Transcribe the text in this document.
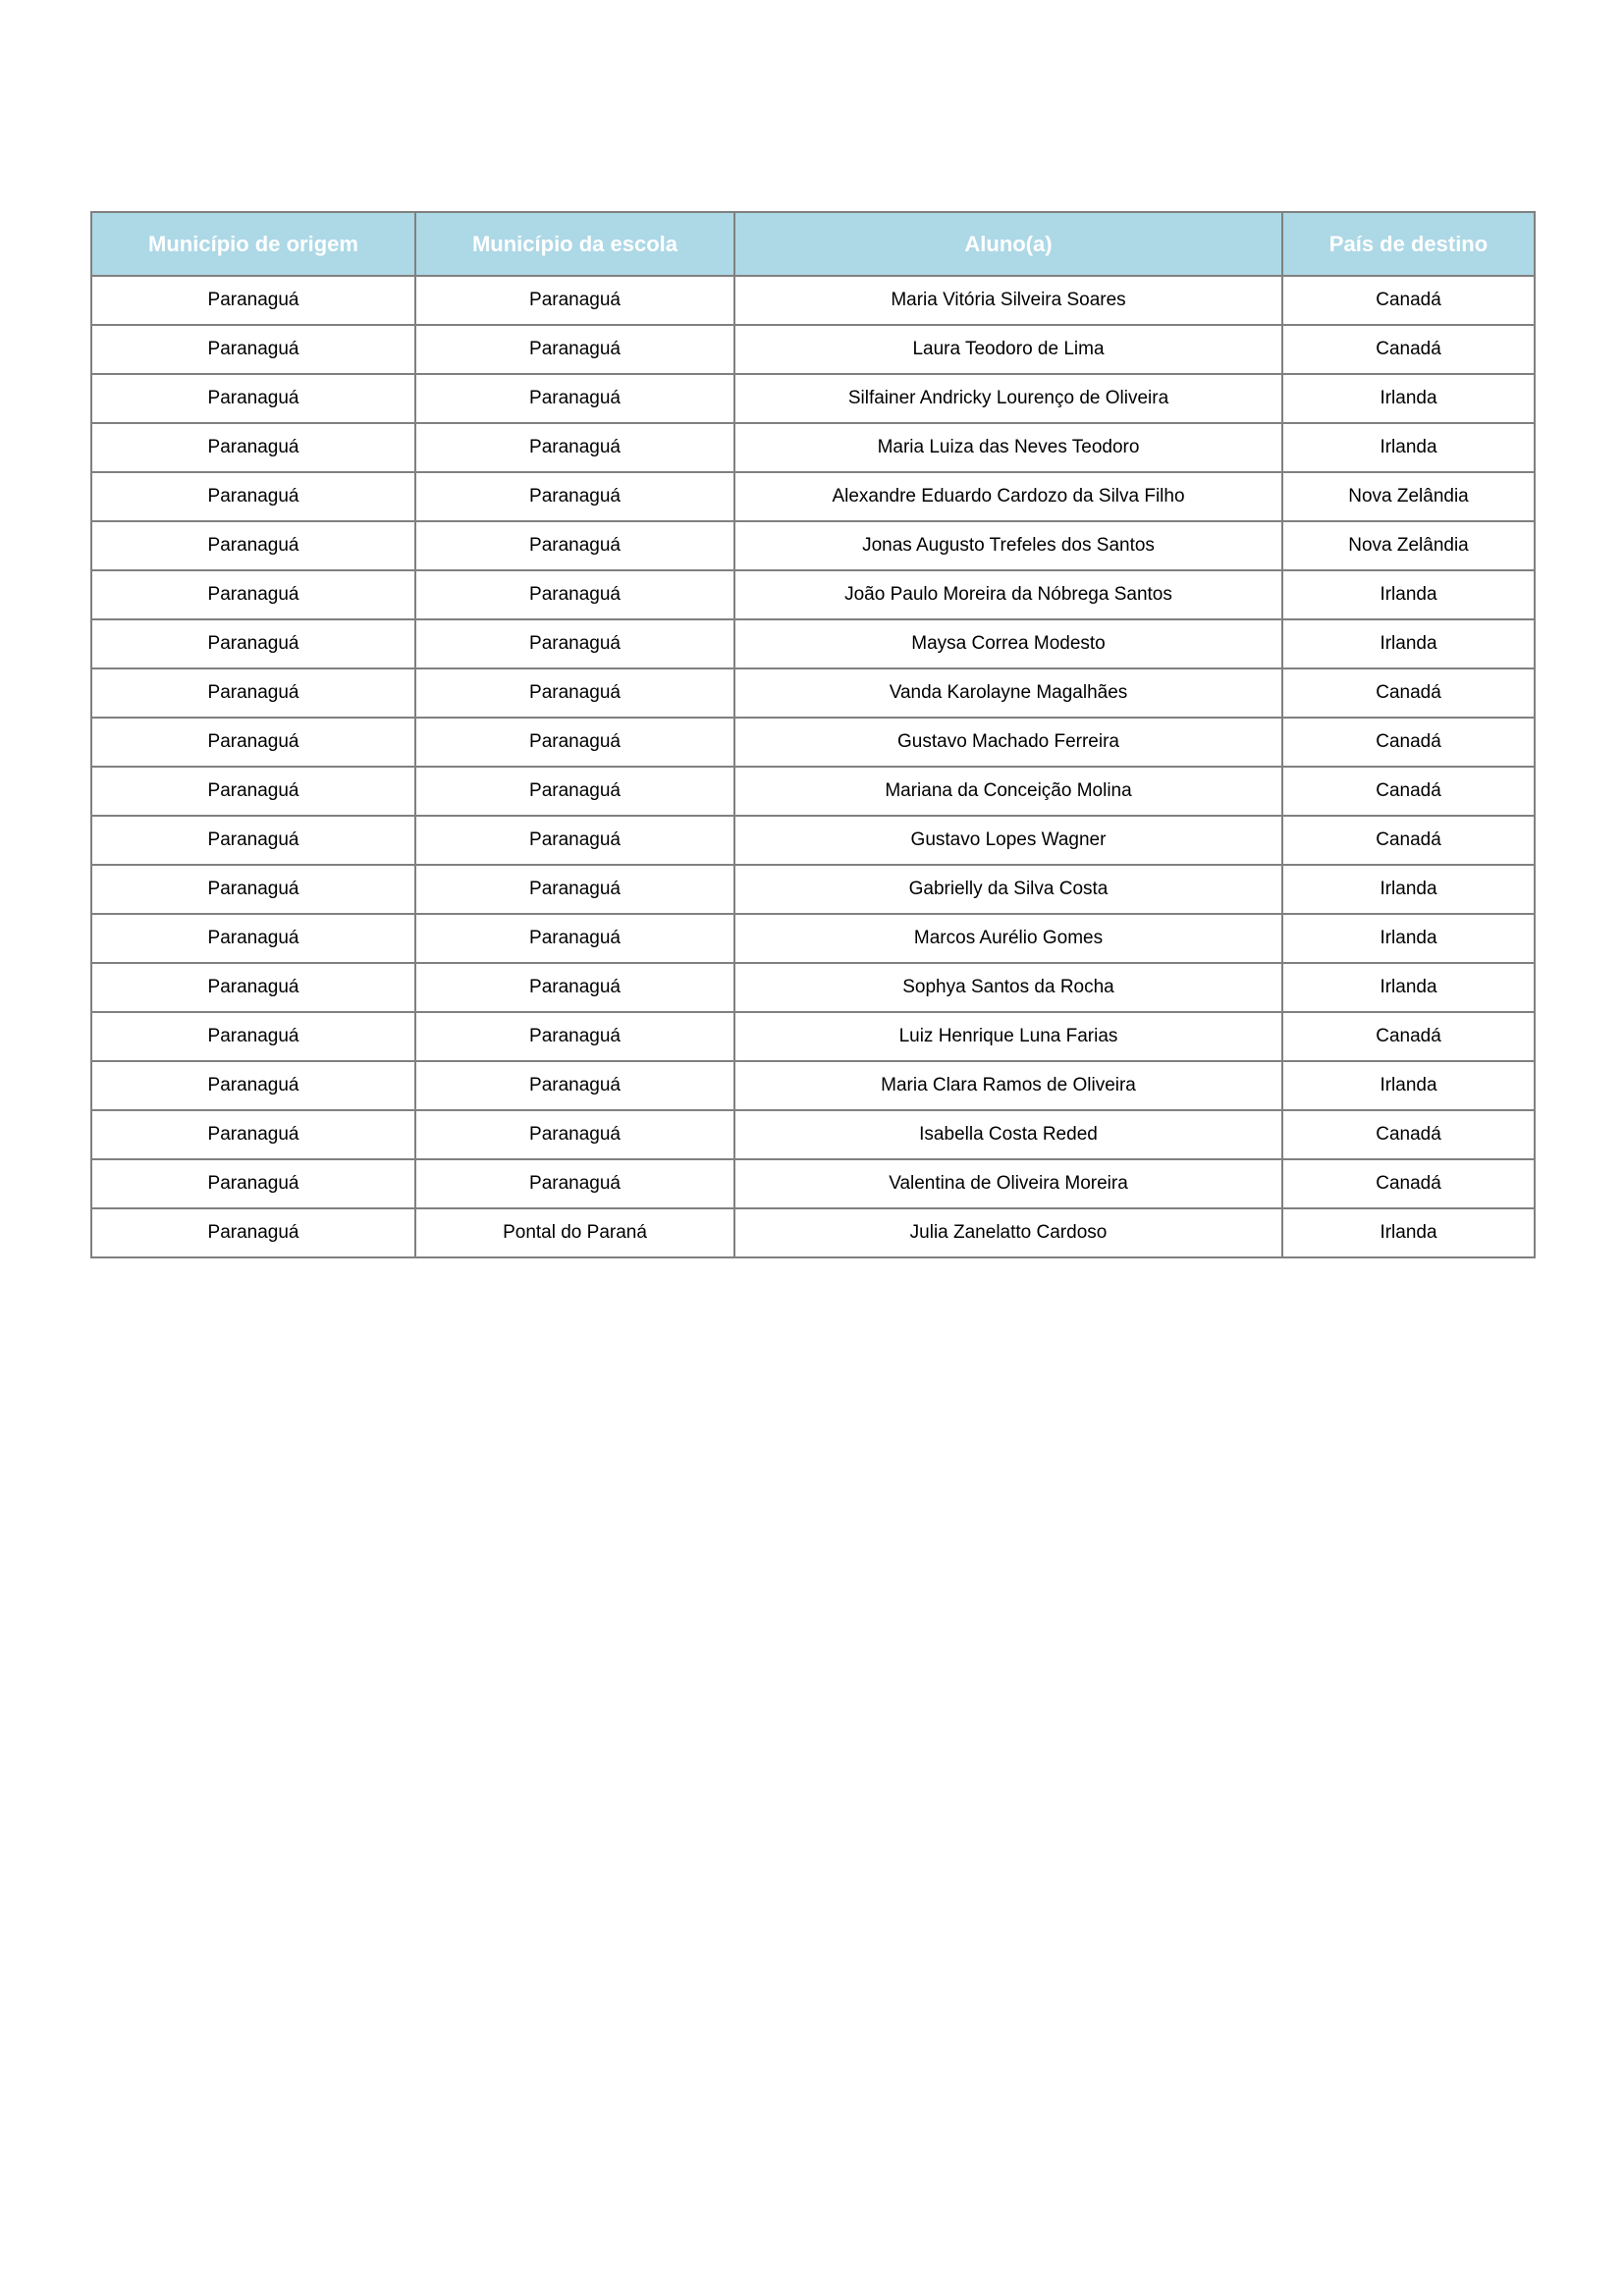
Município de origem	Município da escola	Aluno(a)	País de destino
Paranaguá	Paranaguá	Maria Vitória Silveira Soares	Canadá
Paranaguá	Paranaguá	Laura Teodoro de Lima	Canadá
Paranaguá	Paranaguá	Silfainer Andricky Lourenço de Oliveira	Irlanda
Paranaguá	Paranaguá	Maria Luiza das Neves Teodoro	Irlanda
Paranaguá	Paranaguá	Alexandre Eduardo Cardozo da Silva Filho	Nova Zelândia
Paranaguá	Paranaguá	Jonas Augusto Trefeles dos Santos	Nova Zelândia
Paranaguá	Paranaguá	João Paulo Moreira da Nóbrega Santos	Irlanda
Paranaguá	Paranaguá	Maysa Correa Modesto	Irlanda
Paranaguá	Paranaguá	Vanda Karolayne Magalhães	Canadá
Paranaguá	Paranaguá	Gustavo Machado Ferreira	Canadá
Paranaguá	Paranaguá	Mariana da Conceição Molina	Canadá
Paranaguá	Paranaguá	Gustavo Lopes Wagner	Canadá
Paranaguá	Paranaguá	Gabrielly da Silva Costa	Irlanda
Paranaguá	Paranaguá	Marcos Aurélio Gomes	Irlanda
Paranaguá	Paranaguá	Sophya Santos da Rocha	Irlanda
Paranaguá	Paranaguá	Luiz Henrique Luna Farias	Canadá
Paranaguá	Paranaguá	Maria Clara Ramos de Oliveira	Irlanda
Paranaguá	Paranaguá	Isabella Costa Reded	Canadá
Paranaguá	Paranaguá	Valentina de Oliveira Moreira	Canadá
Paranaguá	Pontal do Paraná	Julia Zanelatto Cardoso	Irlanda
